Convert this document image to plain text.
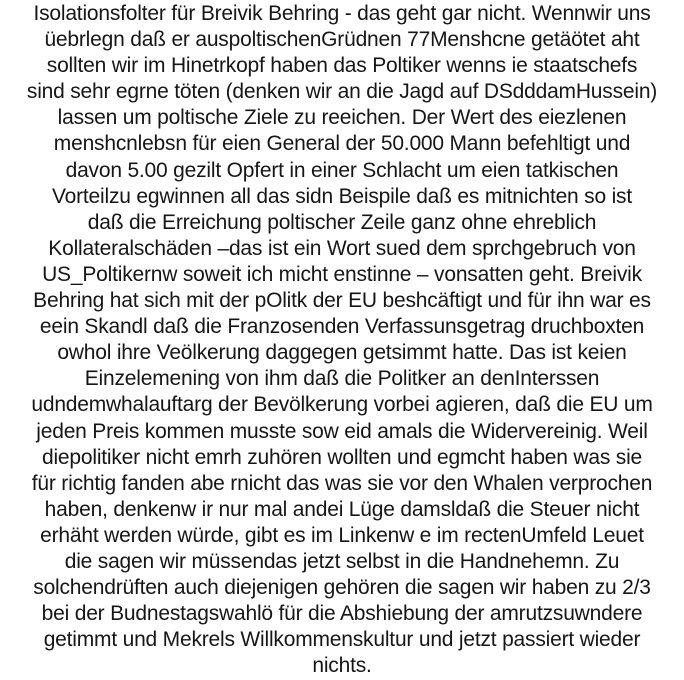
Isolationsfolter für Breivik Behring - das geht gar nicht. Wennwir uns
üebrlegn daß er auspoltischenGrüdnen 77Menshcne getäötet aht
sollten wir im Hinetrkopf haben das Poltiker wenns ie staatschefs
sind sehr egrne töten (denken wir an die Jagd auf DSdddamHussein)
lassen um poltische Ziele zu reeichen. Der Wert des eiezlenen
menshcnlebsn für eien General der 50.000 Mann befehltigt und
davon 5.00 gezilt Opfert in einer Schlacht um eien tatkischen
Vorteilzu egwinnen all das sidn Beispile daß es mitnichten so ist
daß die Erreichung poltischer Zeile ganz ohne ehreblich
Kollateralschäden –das ist ein Wort sued dem sprchgebruch von
US_Poltikernw soweit ich micht enstinne – vonsatten geht. Breivik
Behring hat sich mit der pOlitk der EU beshcäftigt und für ihn war es
eein Skandl daß die Franzosenden Verfassunsgetrag druchboxten
owhol ihre Veölkerung daggegen getsimmt hatte. Das ist keien
Einzelemening von ihm daß die Politker an denInterssen
udndemwhalauftarg der Bevölkerung vorbei agieren, daß die EU um
jeden Preis kommen musste sow eid amals die Widervereinig. Weil
diepolitiker nicht emrh zuhören wollten und egmcht haben was sie
für richtig fanden abe rnicht das was sie vor den Whalen verprochen
haben, denkenw ir nur mal andei Lüge damsldaß die Steuer nicht
erhäht werden würde, gibt es im Linkenw e im rectenUmfeld Leuet
die sagen wir müssendas jetzt selbst in die Handnehemn. Zu
solchendrüften auch diejenigen gehören die sagen wir haben zu 2/3
bei der Budnestagswahlö für die Abshiebung der amrutzsuwndere
getimmt und Mekrels Willkommenskultur und jetzt passiert wieder
nichts.
